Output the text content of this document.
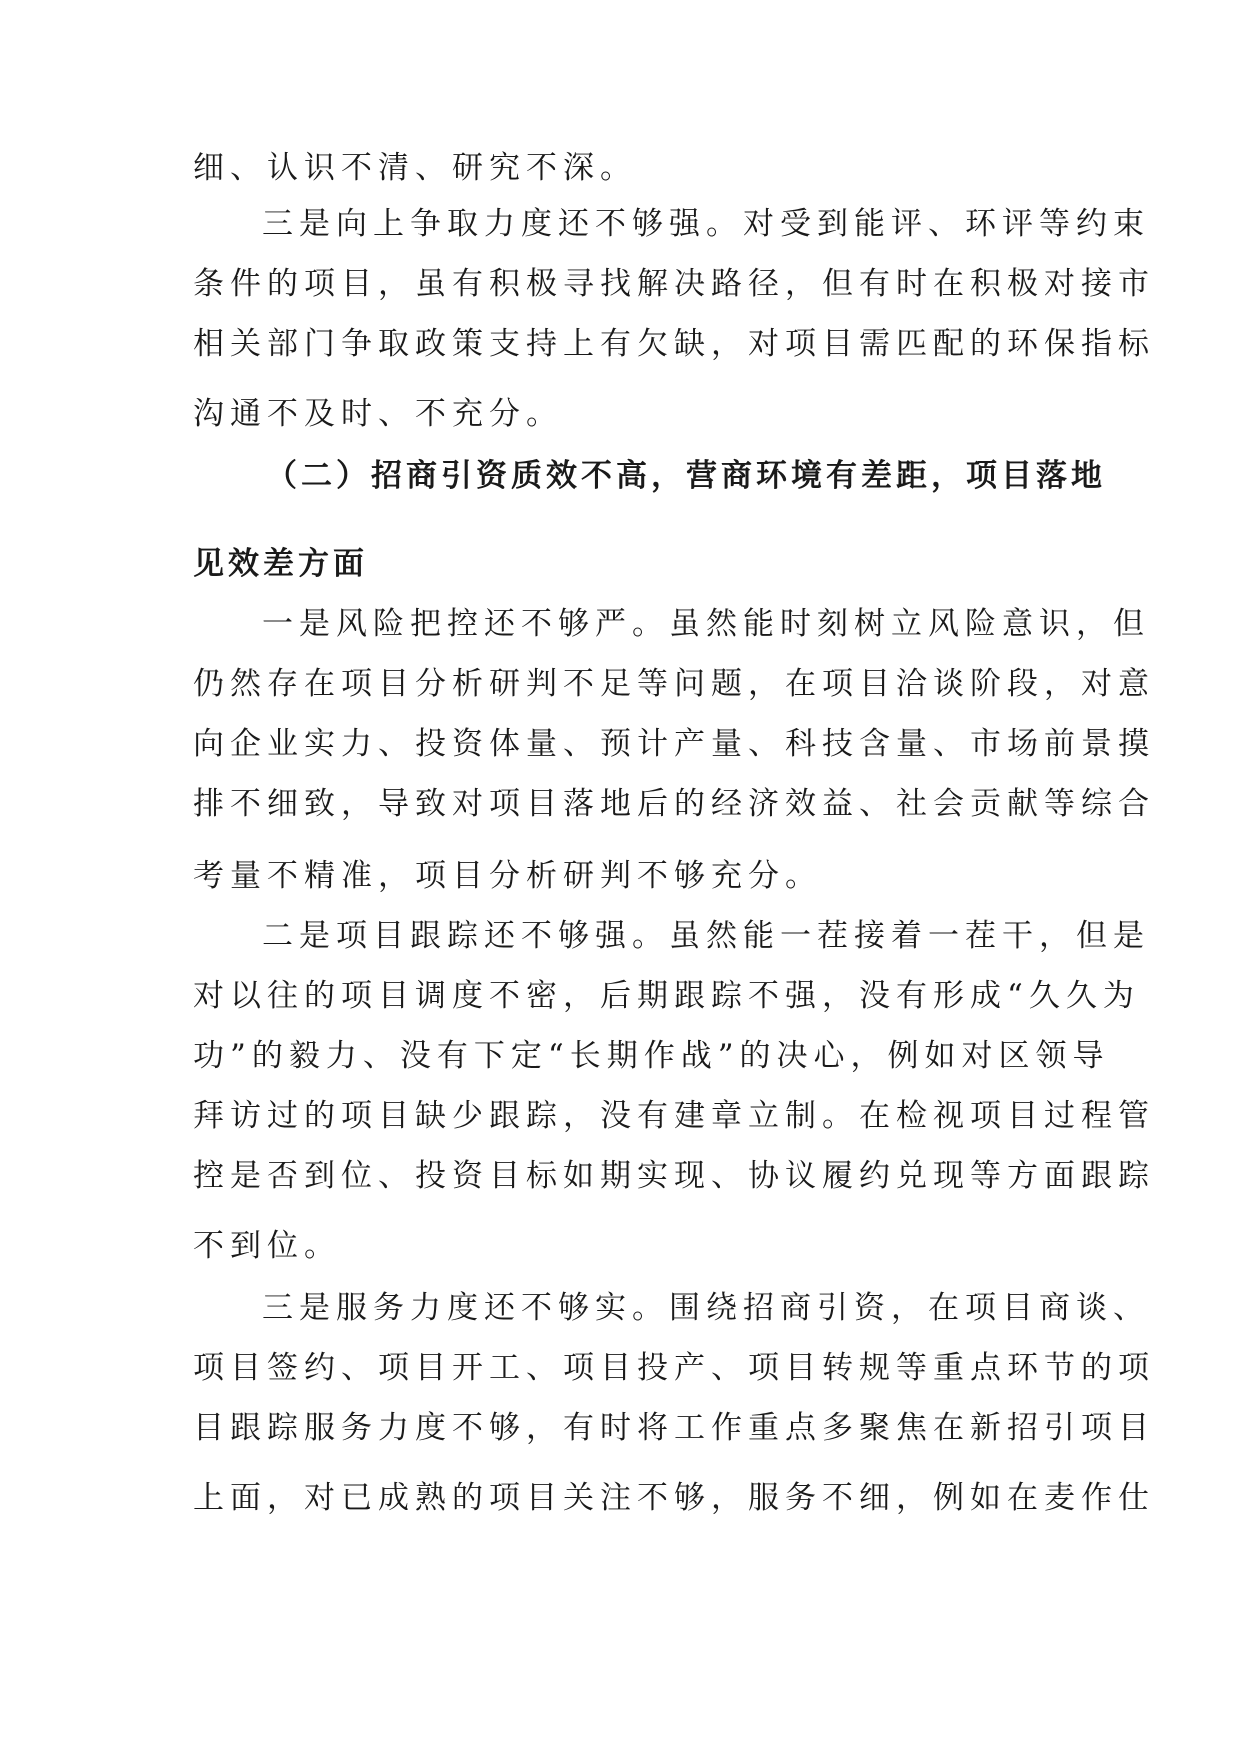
细、认识不清、研究不深。
三是向上争取力度还不够强。对受到能评、环评等约束
条件的项目，虽有积极寻找解决路径，但有时在积极对接市
相关部门争取政策支持上有欠缺，对项目需匹配的环保指标
沟通不及时、不充分。
（二）招商引资质效不高，营商环境有差距，项目落地
见效差方面
一是风险把控还不够严。虽然能时刻树立风险意识，但
仍然存在项目分析研判不足等问题，在项目洽谈阶段，对意
向企业实力、投资体量、预计产量、科技含量、市场前景摸
排不细致，导致对项目落地后的经济效益、社会贡献等综合
考量不精准，项目分析研判不够充分。
二是项目跟踪还不够强。虽然能一茬接着一茬干，但是
对以往的项目调度不密，后期跟踪不强，没有形成“久久为
功”的毅力、没有下定“长期作战”的决心，例如对区领导
拜访过的项目缺少跟踪，没有建章立制。在检视项目过程管
控是否到位、投资目标如期实现、协议履约兑现等方面跟踪
不到位。
三是服务力度还不够实。围绕招商引资，在项目商谈、
项目签约、项目开工、项目投产、项目转规等重点环节的项
目跟踪服务力度不够，有时将工作重点多聚焦在新招引项目
上面，对已成熟的项目关注不够，服务不细，例如在麦作仕
